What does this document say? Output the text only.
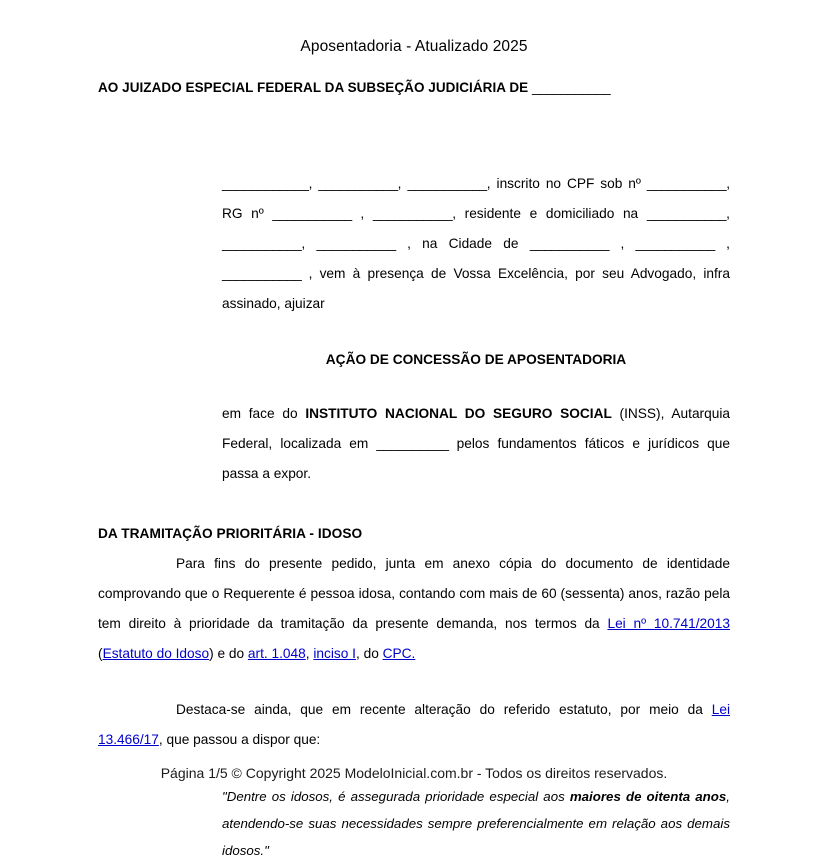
Aposentadoria - Atualizado 2025
AO JUIZADO ESPECIAL FEDERAL DA SUBSEÇÃO JUDICIÁRIA DE ___________

____________, ___________, ___________, inscrito no CPF sob nº ___________, RG nº ___________ , ___________, residente e domiciliado na ___________, ___________, ___________ , na Cidade de ___________ , ___________ , ___________ , vem à presença de Vossa Excelência, por seu Advogado, infra assinado, ajuizar

AÇÃO DE CONCESSÃO DE APOSENTADORIA

em face do INSTITUTO NACIONAL DO SEGURO SOCIAL (INSS), Autarquia Federal, localizada em __________ pelos fundamentos fáticos e jurídicos que passa a expor.

DA TRAMITAÇÃO PRIORITÁRIA - IDOSO

Para fins do presente pedido, junta em anexo cópia do documento de identidade comprovando que o Requerente é pessoa idosa, contando com mais de 60 (sessenta) anos, razão pela tem direito à prioridade da tramitação da presente demanda, nos termos da Lei nº 10.741/2013 (Estatuto do Idoso) e do art. 1.048, inciso I, do CPC.

Destaca-se ainda, que em recente alteração do referido estatuto, por meio da Lei 13.466/17, que passou a dispor que:

"Dentre os idosos, é assegurada prioridade especial aos maiores de oitenta anos, atendendo-se suas necessidades sempre preferencialmente em relação aos demais idosos."
Página 1/5 © Copyright 2025 ModeloInicial.com.br - Todos os direitos reservados.
